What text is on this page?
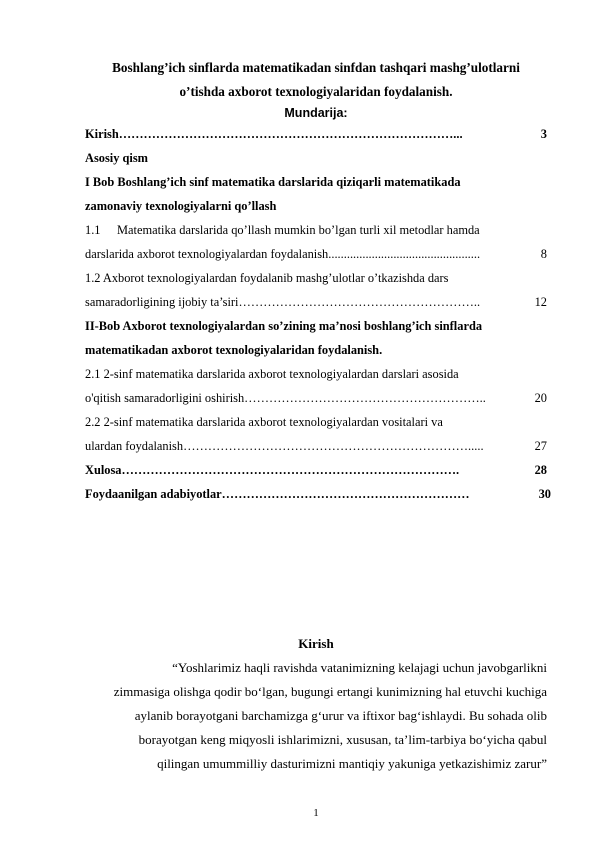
Boshlang’ich sinflarda matematikadan sinfdan tashqari mashg’ulotlarni
o’tishda axborot texnologiyalaridan foydalanish.
Mundarija:
Kirish ………………………………………………………………………...	3
Asosiy qism
I Bob Boshlang’ich sinf matematika darslarida qiziqarli matematikada
zamonaviy texnologiyalarni qo’llash
1.1 Matematika darslarida qo’llash mumkin bo’lgan turli xil metodlar hamda
darslarida axborot texnologiyalardan foydalanish .................................................	8
1.2 Axborot texnologiyalardan foydalanib mashg’ulotlar o’tkazishda dars
samaradorligining ijobiy ta’siri …………………………………………………..	12
II-Bob Axborot texnologiyalardan so’zining ma’nosi boshlang’ich sinflarda
matematikadan axborot texnologiyalaridan foydalanish.
2.1 2-sinf matematika darslarida axborot texnologiyalardan darslari asosida
o'qitish samaradorligini oshirish …………………………………………………..	20
2.2 2-sinf matematika darslarida axborot texnologiyalardan vositalari va
ulardan foydalanish …………………………………………………………….....	27
Xulosa ……………………………………………………………………….	28
Foydaanilgan adabiyotlar ……………………………………………………	30
Kirish
“Yoshlarimiz haqli ravishda vatanimizning kelajagi uchun javobgarlikni
zimmasiga olishga qodir bo‘lgan, bugungi ertangi kunimizning hal etuvchi kuchiga
aylanib borayotgani barchamizga g‘urur va iftixor bag‘ishlaydi. Bu sohada olib
borayotgan keng miqyosli ishlarimizni, xususan, ta’lim-tarbiya bo‘yicha qabul
qilingan umummilliy dasturimizni mantiqiy yakuniga yetkazishimiz zarur”
1
